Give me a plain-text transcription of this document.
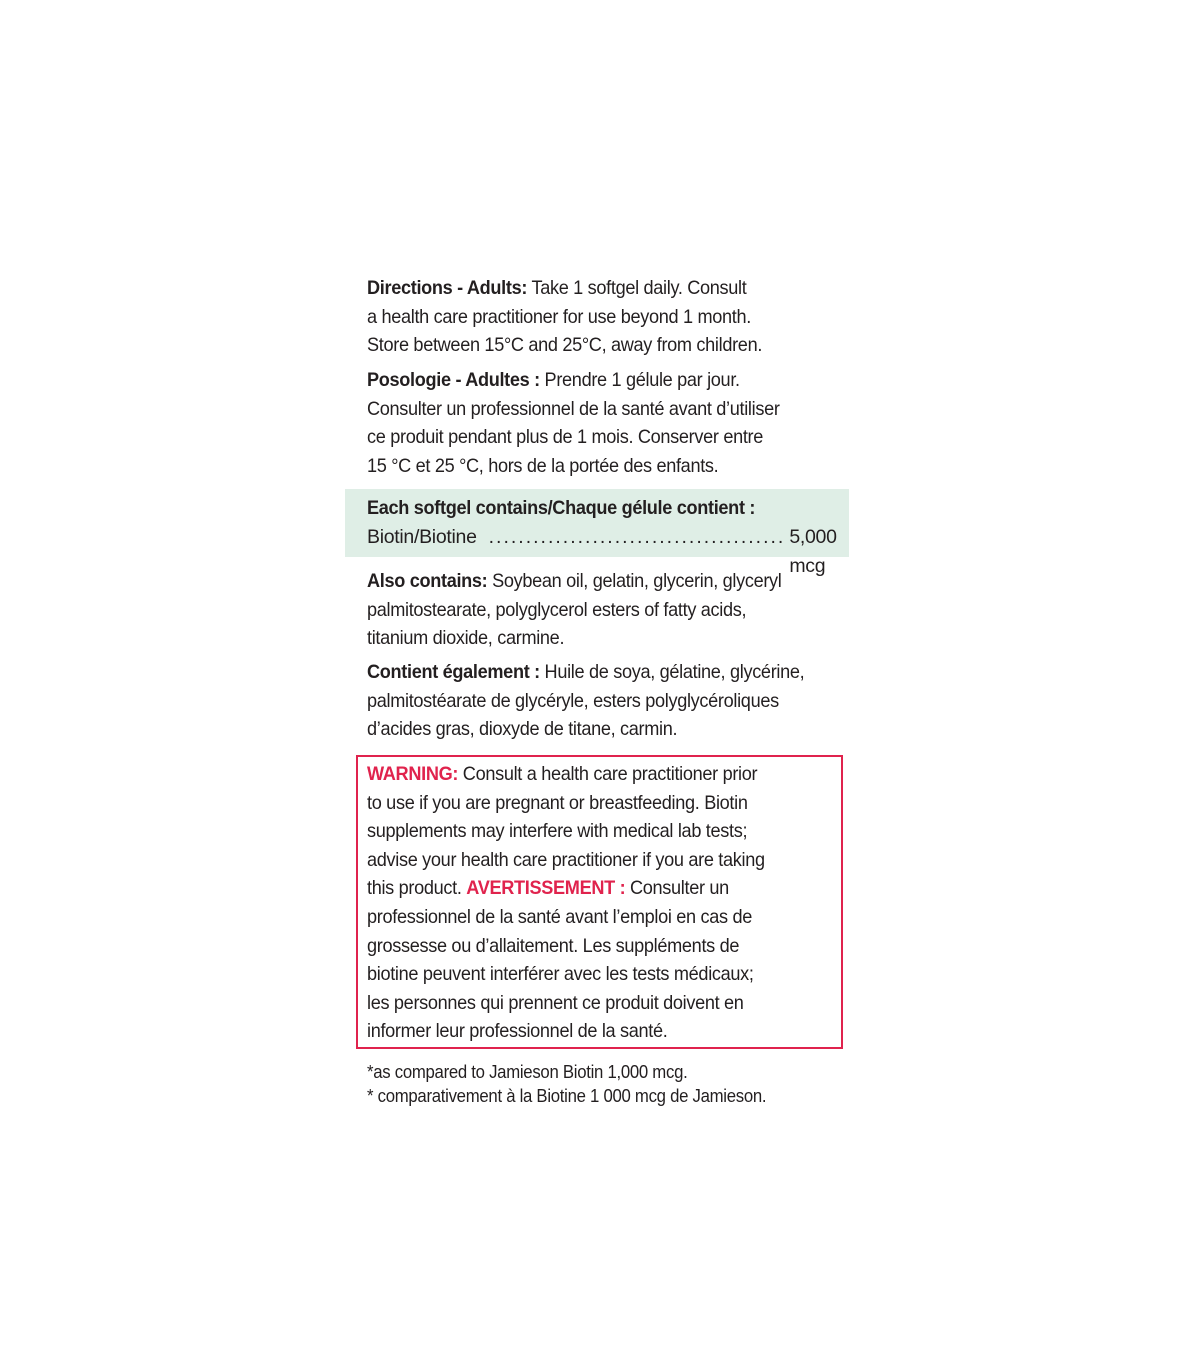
Directions - Adults: Take 1 softgel daily. Consult
a health care practitioner for use beyond 1 month.
Store between 15°C and 25°C, away from children.

Posologie - Adultes : Prendre 1 gélule par jour.
Consulter un professionnel de la santé avant d’utiliser
ce produit pendant plus de 1 mois. Conserver entre
15 °C et 25 °C, hors de la portée des enfants.

Each softgel contains/Chaque gélule contient :

Biotin/Biotine ........................................ 5,000 mcg

Also contains: Soybean oil, gelatin, glycerin, glyceryl
palmitostearate, polyglycerol esters of fatty acids,
titanium dioxide, carmine.

Contient également : Huile de soya, gélatine, glycérine,
palmitostéarate de glycéryle, esters polyglycéroliques
d’acides gras, dioxyde de titane, carmin.

WARNING: Consult a health care practitioner prior
to use if you are pregnant or breastfeeding. Biotin
supplements may interfere with medical lab tests;
advise your health care practitioner if you are taking
this product. AVERTISSEMENT : Consulter un
professionnel de la santé avant l’emploi en cas de
grossesse ou d’allaitement. Les suppléments de
biotine peuvent interférer avec les tests médicaux;
les personnes qui prennent ce produit doivent en
informer leur professionnel de la santé.

*as compared to Jamieson Biotin 1,000 mcg.
* comparativement à la Biotine 1 000 mcg de Jamieson.
